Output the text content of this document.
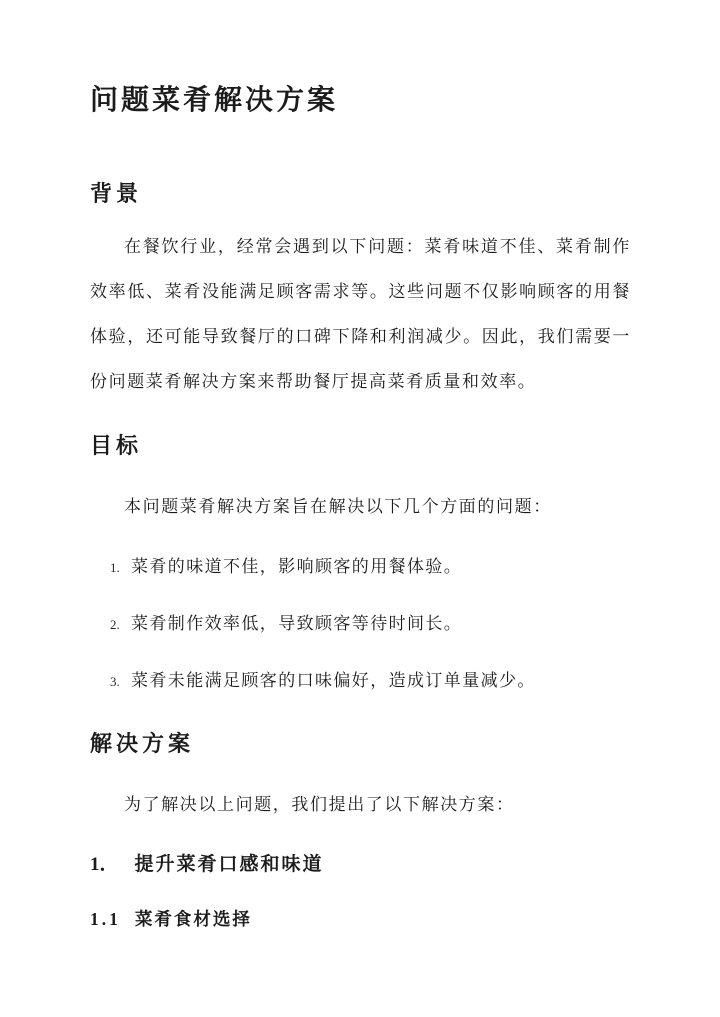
问题菜肴解决方案
背景

在餐饮行业，经常会遇到以下问题：菜肴味道不佳、菜肴制作效率低、菜肴没能满足顾客需求等。这些问题不仅影响顾客的用餐体验，还可能导致餐厅的口碑下降和利润减少。因此，我们需要一份问题菜肴解决方案来帮助餐厅提高菜肴质量和效率。

目标

本问题菜肴解决方案旨在解决以下几个方面的问题：

1. 菜肴的味道不佳，影响顾客的用餐体验。
2. 菜肴制作效率低，导致顾客等待时间长。
3. 菜肴未能满足顾客的口味偏好，造成订单量减少。
解决方案

为了解决以上问题，我们提出了以下解决方案：

1． 提升菜肴口感和味道
1.1 菜肴食材选择
